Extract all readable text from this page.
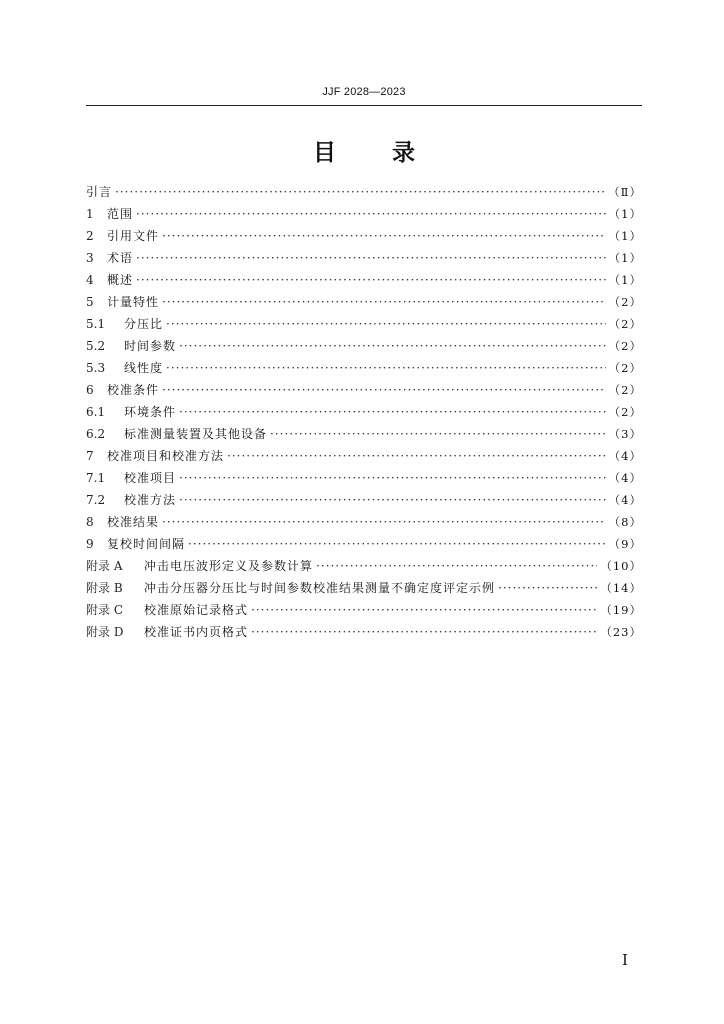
JJF 2028—2023
目 录
引言 ·····	（Ⅱ）
1	范围 ·····	（1）
2	引用文件 ·····	（1）
3	术语 ·····	（1）
4	概述 ·····	（1）
5	计量特性 ·····	（2）
5.1	分压比 ·····	（2）
5.2	时间参数 ·····	（2）
5.3	线性度 ·····	（2）
6	校准条件 ·····	（2）
6.1	环境条件 ·····	（2）
6.2	标准测量装置及其他设备 ·····	（3）
7	校准项目和校准方法 ·····	（4）
7.1	校准项目 ·····	（4）
7.2	校准方法 ·····	（4）
8	校准结果 ·····	（8）
9	复校时间间隔 ·····	（9）
附录 A	冲击电压波形定义及参数计算 ·····	（10）
附录 B	冲击分压器分压比与时间参数校准结果测量不确定度评定示例 ·····	（14）
附录 C	校准原始记录格式 ·····	（19）
附录 D	校准证书内页格式 ·····	（23）
I
